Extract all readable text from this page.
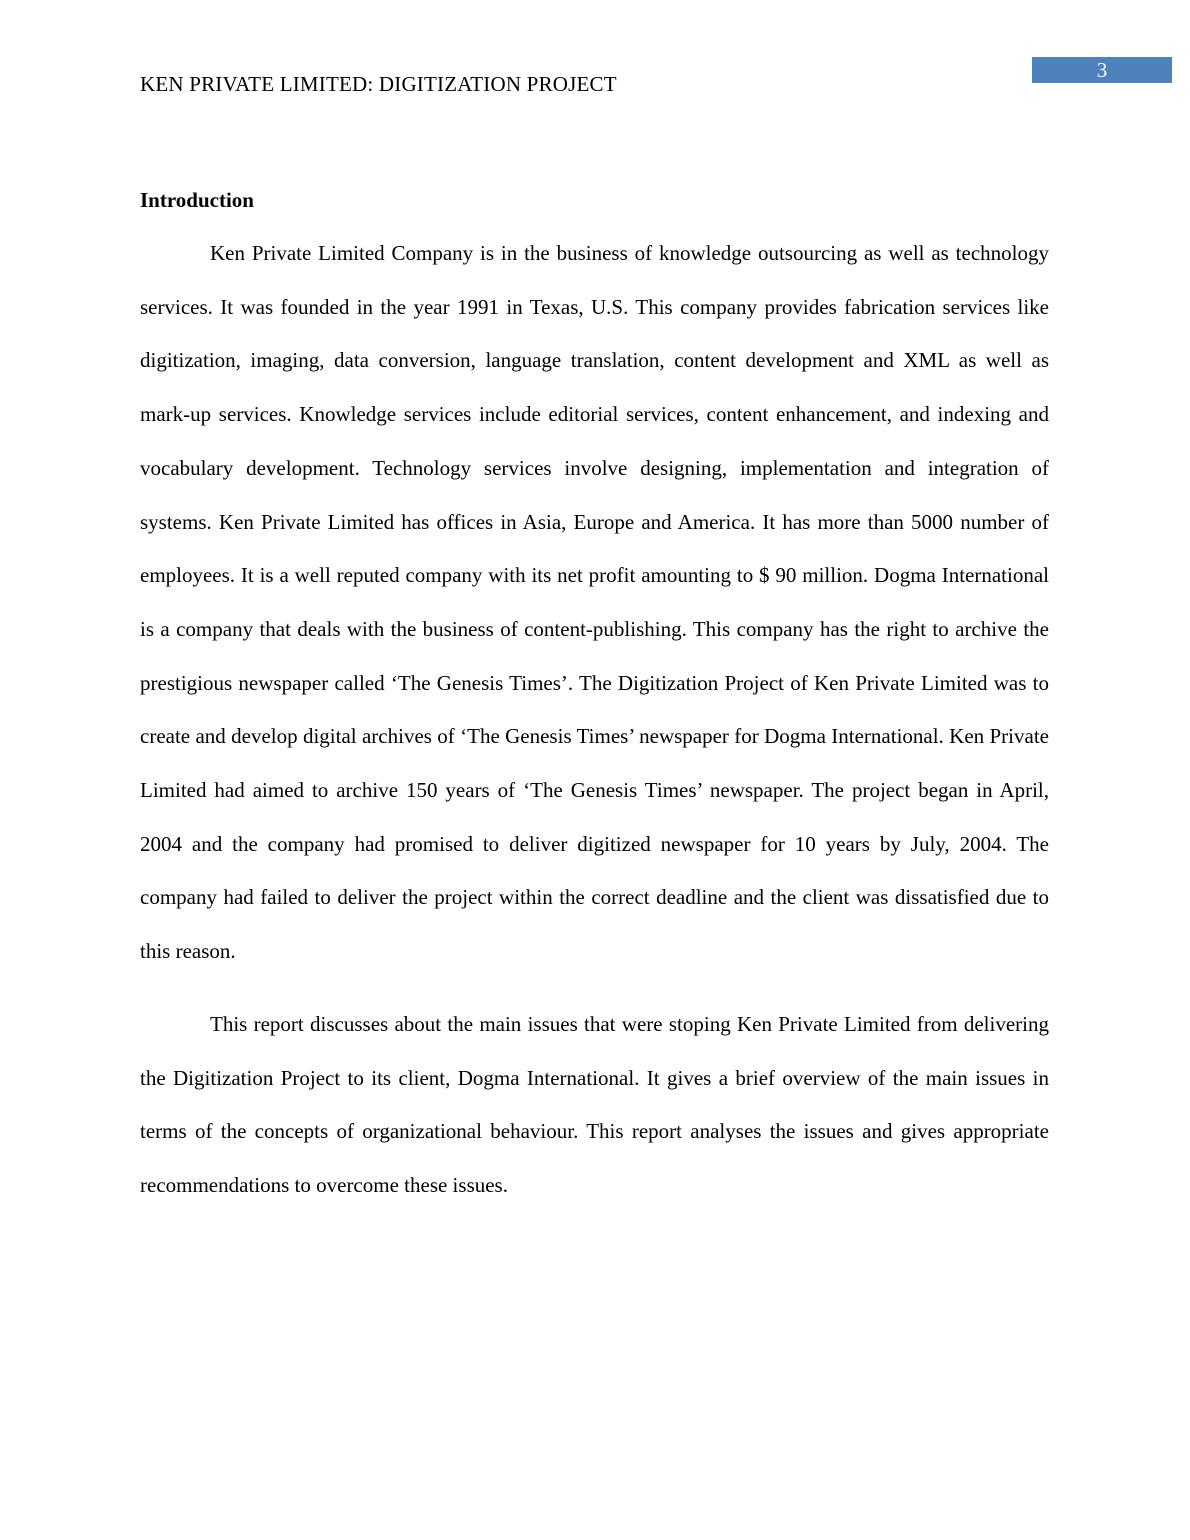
3
KEN PRIVATE LIMITED: DIGITIZATION PROJECT
Introduction

Ken Private Limited Company is in the business of knowledge outsourcing as well as technology services. It was founded in the year 1991 in Texas, U.S. This company provides fabrication services like digitization, imaging, data conversion, language translation, content development and XML as well as mark-up services. Knowledge services include editorial services, content enhancement, and indexing and vocabulary development. Technology services involve designing, implementation and integration of systems. Ken Private Limited has offices in Asia, Europe and America. It has more than 5000 number of employees. It is a well reputed company with its net profit amounting to $ 90 million. Dogma International is a company that deals with the business of content-publishing. This company has the right to archive the prestigious newspaper called ‘The Genesis Times’. The Digitization Project of Ken Private Limited was to create and develop digital archives of ‘The Genesis Times’ newspaper for Dogma International. Ken Private Limited had aimed to archive 150 years of ‘The Genesis Times’ newspaper. The project began in April, 2004 and the company had promised to deliver digitized newspaper for 10 years by July, 2004. The company had failed to deliver the project within the correct deadline and the client was dissatisfied due to this reason.

This report discusses about the main issues that were stoping Ken Private Limited from delivering the Digitization Project to its client, Dogma International. It gives a brief overview of the main issues in terms of the concepts of organizational behaviour. This report analyses the issues and gives appropriate recommendations to overcome these issues.
